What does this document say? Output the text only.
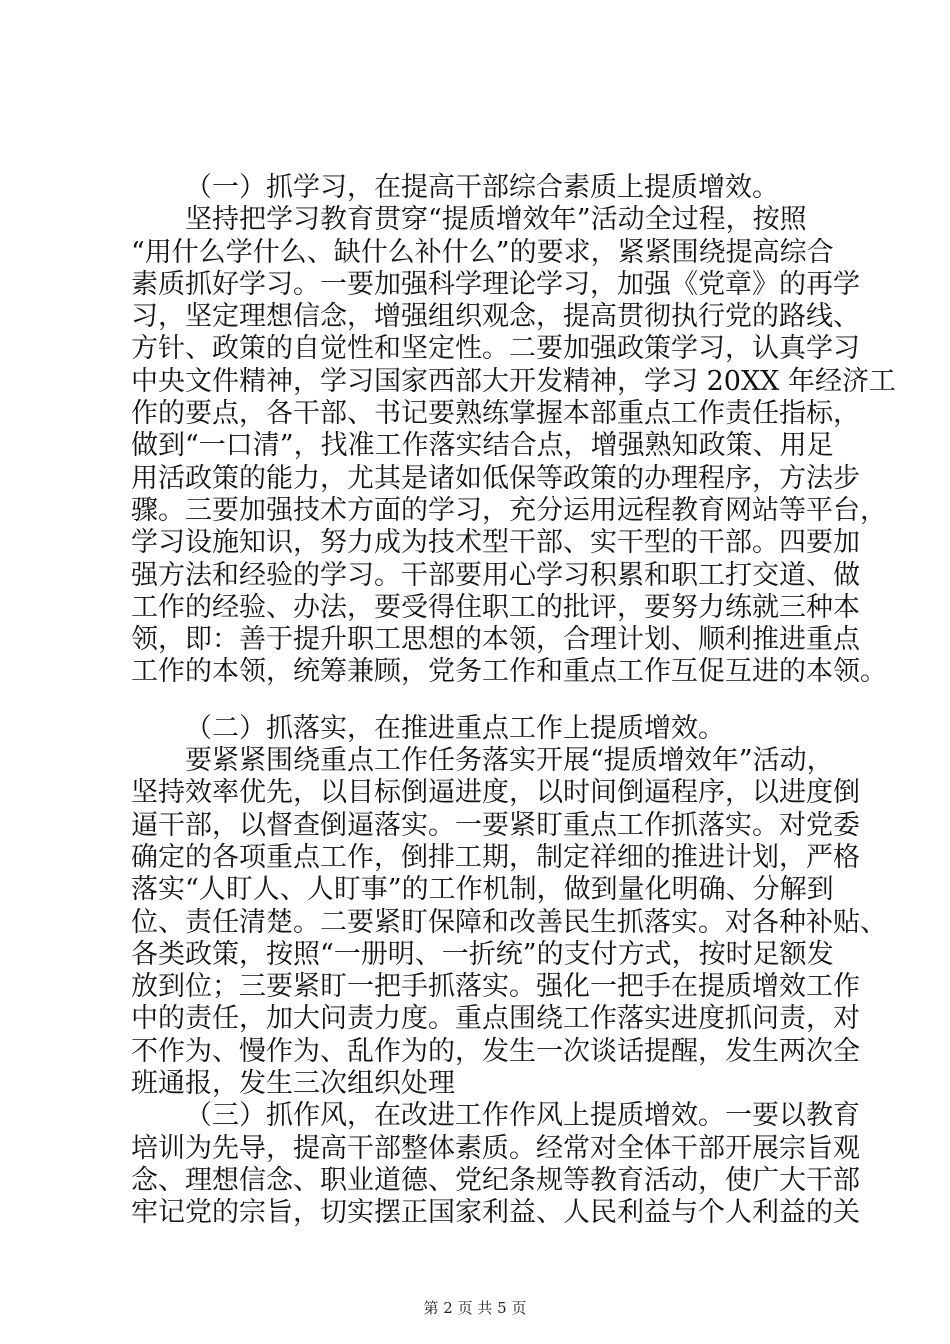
（一）抓学习，在提高干部综合素质上提质增效。
坚持把学习教育贯穿“提质增效年”活动全过程，按照
“用什么学什么、缺什么补什么”的要求，紧紧围绕提高综合
素质抓好学习。一要加强科学理论学习，加强《党章》的再学
习，坚定理想信念，增强组织观念，提高贯彻执行党的路线、
方针、政策的自觉性和坚定性。二要加强政策学习，认真学习
中央文件精神，学习国家西部大开发精神，学习 20XX 年经济工
作的要点，各干部、书记要熟练掌握本部重点工作责任指标，
做到“一口清”，找准工作落实结合点，增强熟知政策、用足
用活政策的能力，尤其是诸如低保等政策的办理程序，方法步
骤。三要加强技术方面的学习，充分运用远程教育网站等平台，
学习设施知识，努力成为技术型干部、实干型的干部。四要加
强方法和经验的学习。干部要用心学习积累和职工打交道、做
工作的经验、办法，要受得住职工的批评，要努力练就三种本
领，即：善于提升职工思想的本领，合理计划、顺利推进重点
工作的本领，统筹兼顾，党务工作和重点工作互促互进的本领。
（二）抓落实，在推进重点工作上提质增效。
要紧紧围绕重点工作任务落实开展“提质增效年”活动，
坚持效率优先，以目标倒逼进度，以时间倒逼程序，以进度倒
逼干部，以督查倒逼落实。一要紧盯重点工作抓落实。对党委
确定的各项重点工作，倒排工期，制定祥细的推进计划，严格
落实“人盯人、人盯事”的工作机制，做到量化明确、分解到
位、责任清楚。二要紧盯保障和改善民生抓落实。对各种补贴、
各类政策，按照“一册明、一折统”的支付方式，按时足额发
放到位；三要紧盯一把手抓落实。强化一把手在提质增效工作
中的责任，加大问责力度。重点围绕工作落实进度抓问责，对
不作为、慢作为、乱作为的，发生一次谈话提醒，发生两次全
班通报，发生三次组织处理
（三）抓作风，在改进工作作风上提质增效。一要以教育
培训为先导，提高干部整体素质。经常对全体干部开展宗旨观
念、理想信念、职业道德、党纪条规等教育活动，使广大干部
牢记党的宗旨，切实摆正国家利益、人民利益与个人利益的关
第 2 页 共 5 页
